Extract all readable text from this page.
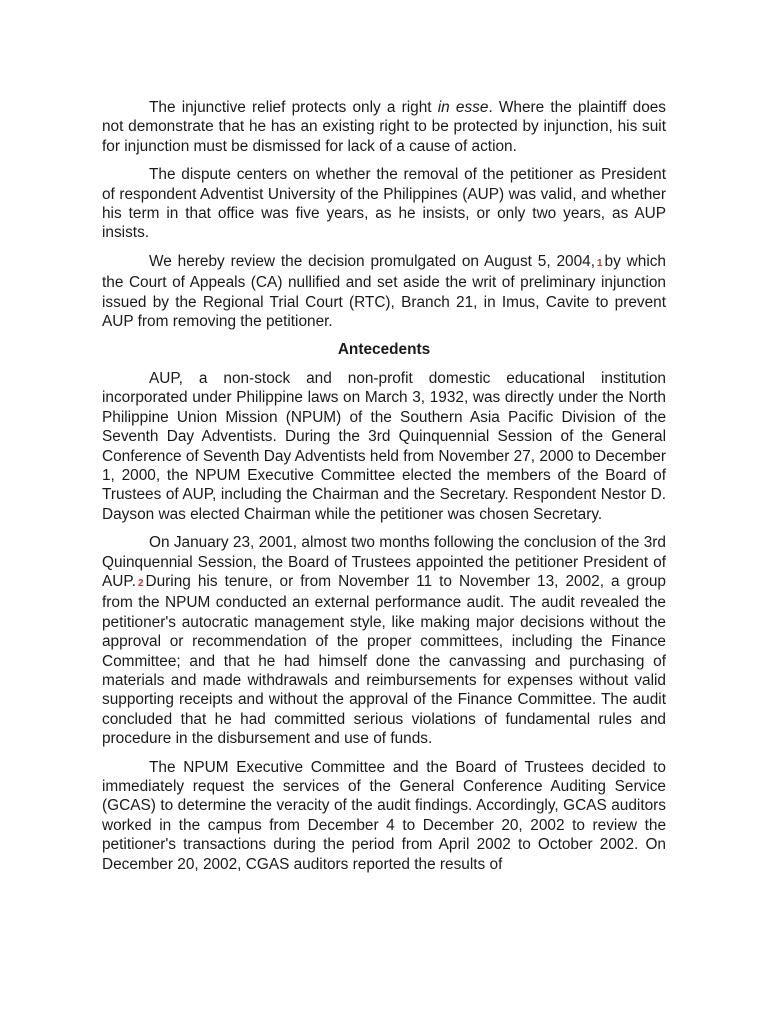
The injunctive relief protects only a right in esse. Where the plaintiff does not demonstrate that he has an existing right to be protected by injunction, his suit for injunction must be dismissed for lack of a cause of action.

The dispute centers on whether the removal of the petitioner as President of respondent Adventist University of the Philippines (AUP) was valid, and whether his term in that office was five years, as he insists, or only two years, as AUP insists.

We hereby review the decision promulgated on August 5, 2004, 1 by which the Court of Appeals (CA) nullified and set aside the writ of preliminary injunction issued by the Regional Trial Court (RTC), Branch 21, in Imus, Cavite to prevent AUP from removing the petitioner.

Antecedents

AUP, a non-stock and non-profit domestic educational institution incorporated under Philippine laws on March 3, 1932, was directly under the North Philippine Union Mission (NPUM) of the Southern Asia Pacific Division of the Seventh Day Adventists. During the 3rd Quinquennial Session of the General Conference of Seventh Day Adventists held from November 27, 2000 to December 1, 2000, the NPUM Executive Committee elected the members of the Board of Trustees of AUP, including the Chairman and the Secretary. Respondent Nestor D. Dayson was elected Chairman while the petitioner was chosen Secretary.

On January 23, 2001, almost two months following the conclusion of the 3rd Quinquennial Session, the Board of Trustees appointed the petitioner President of AUP. 2 During his tenure, or from November 11 to November 13, 2002, a group from the NPUM conducted an external performance audit. The audit revealed the petitioner's autocratic management style, like making major decisions without the approval or recommendation of the proper committees, including the Finance Committee; and that he had himself done the canvassing and purchasing of materials and made withdrawals and reimbursements for expenses without valid supporting receipts and without the approval of the Finance Committee. The audit concluded that he had committed serious violations of fundamental rules and procedure in the disbursement and use of funds.

The NPUM Executive Committee and the Board of Trustees decided to immediately request the services of the General Conference Auditing Service (GCAS) to determine the veracity of the audit findings. Accordingly, GCAS auditors worked in the campus from December 4 to December 20, 2002 to review the petitioner's transactions during the period from April 2002 to October 2002. On December 20, 2002, CGAS auditors reported the results of
